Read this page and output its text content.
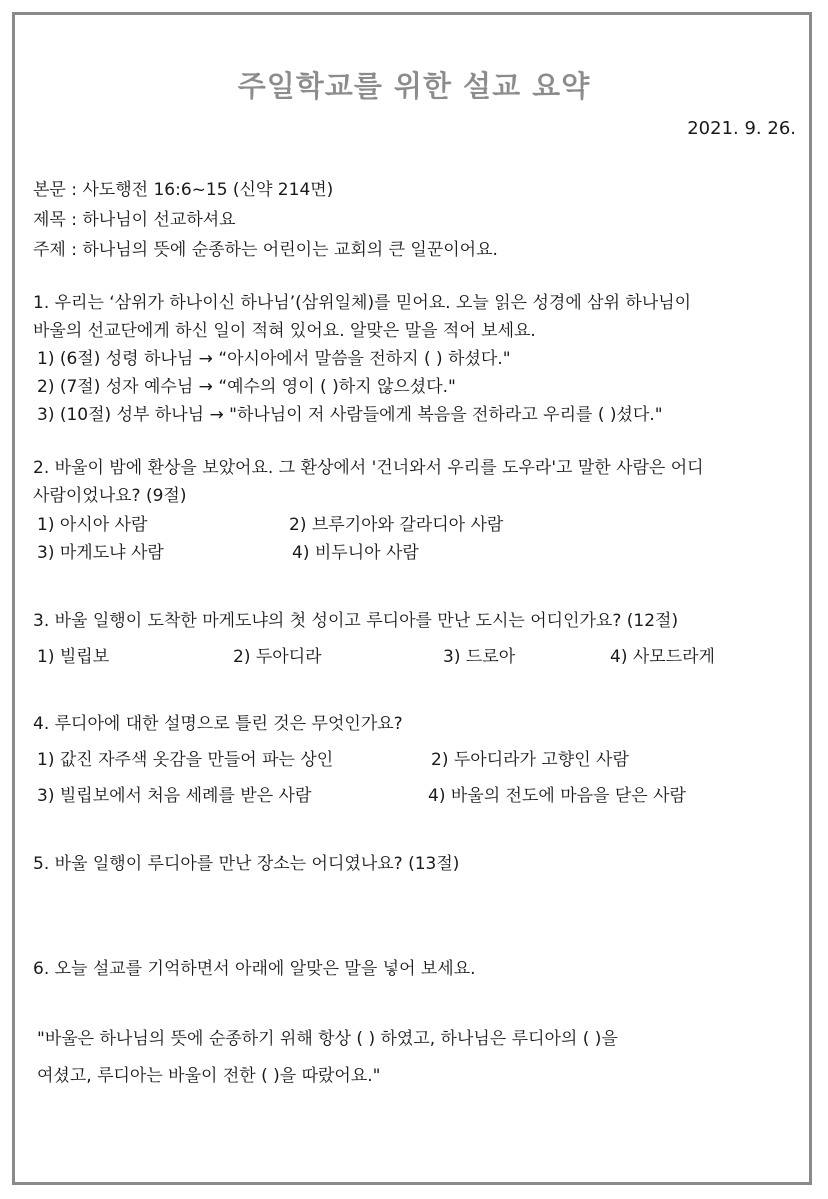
주일학교를 위한 설교 요약
2021. 9. 26.
본문 : 사도행전 16:6~15 (신약 214면)
제목 : 하나님이 선교하셔요
주제 : 하나님의 뜻에 순종하는 어린이는 교회의 큰 일꾼이어요.
1. 우리는 ‘삼위가 하나이신 하나님’(삼위일체)를 믿어요. 오늘 읽은 성경에 삼위 하나님이
바울의 선교단에게 하신 일이 적혀 있어요. 알맞은 말을 적어 보세요.
1) (6절) 성령 하나님 → “아시아에서 말씀을 전하지 ( ) 하셨다."
2) (7절) 성자 예수님 → “예수의 영이 ( )하지 않으셨다."
3) (10절) 성부 하나님 → "하나님이 저 사람들에게 복음을 전하라고 우리를 ( )셨다."
2. 바울이 밤에 환상을 보았어요. 그 환상에서 '건너와서 우리를 도우라'고 말한 사람은 어디
사람이었나요? (9절)
1) 아시아 사람	2) 브루기아와 갈라디아 사람
3) 마게도냐 사람	4) 비두니아 사람
3. 바울 일행이 도착한 마게도냐의 첫 성이고 루디아를 만난 도시는 어디인가요? (12절)
1) 빌립보	2) 두아디라	3) 드로아	4) 사모드라게
4. 루디아에 대한 설명으로 틀린 것은 무엇인가요?
1) 값진 자주색 옷감을 만들어 파는 상인	2) 두아디라가 고향인 사람
3) 빌립보에서 처음 세례를 받은 사람	4) 바울의 전도에 마음을 닫은 사람
5. 바울 일행이 루디아를 만난 장소는 어디였나요? (13절)
6. 오늘 설교를 기억하면서 아래에 알맞은 말을 넣어 보세요.
"바울은 하나님의 뜻에 순종하기 위해 항상 ( ) 하였고, 하나님은 루디아의 ( )을
여셨고, 루디아는 바울이 전한 ( )을 따랐어요."
